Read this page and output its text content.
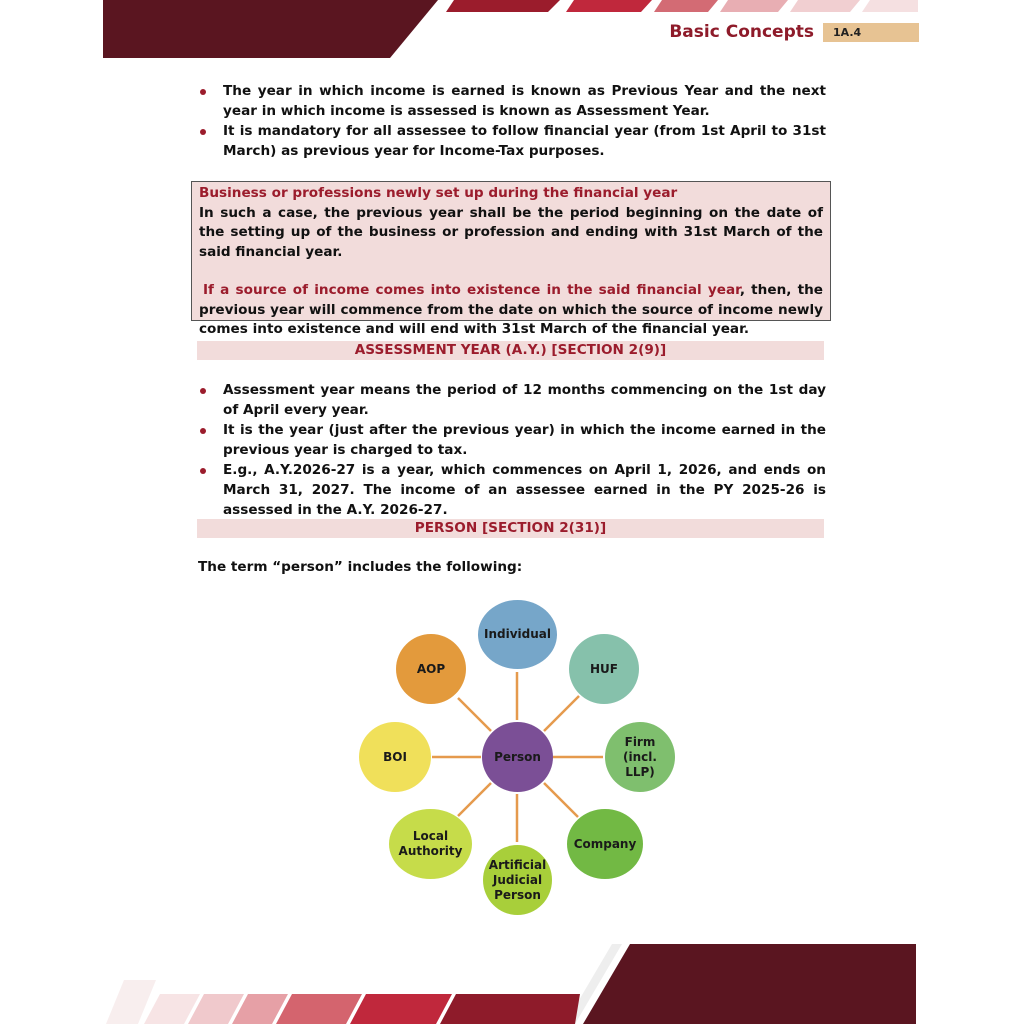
Basic Concepts	1A.4
The year in which income is earned is known as Previous Year and the next year in which income is assessed is known as Assessment Year.
It is mandatory for all assessee to follow financial year (from 1st April to 31st March) as previous year for Income-Tax purposes.

Business or professions newly set up during the financial year

In such a case, the previous year shall be the period beginning on the date of the setting up of the business or profession and ending with 31st March of the said financial year.

If a source of income comes into existence in the said financial year, then, the previous year will commence from the date on which the source of income newly comes into existence and will end with 31st March of the financial year.

ASSESSMENT YEAR (A.Y.) [SECTION 2(9)]
Assessment year means the period of 12 months commencing on the 1st day of April every year.
It is the year (just after the previous year) in which the income earned in the previous year is charged to tax.
E.g., A.Y.2026-27 is a year, which commences on April 1, 2026, and ends on March 31, 2027. The income of an assessee earned in the PY 2025-26 is assessed in the A.Y. 2026-27.
PERSON [SECTION 2(31)]
The term “person” includes the following:
Individual
HUF
Firm (incl. LLP)
Company
Artificial Judicial Person
Local Authority
BOI
AOP
Person
